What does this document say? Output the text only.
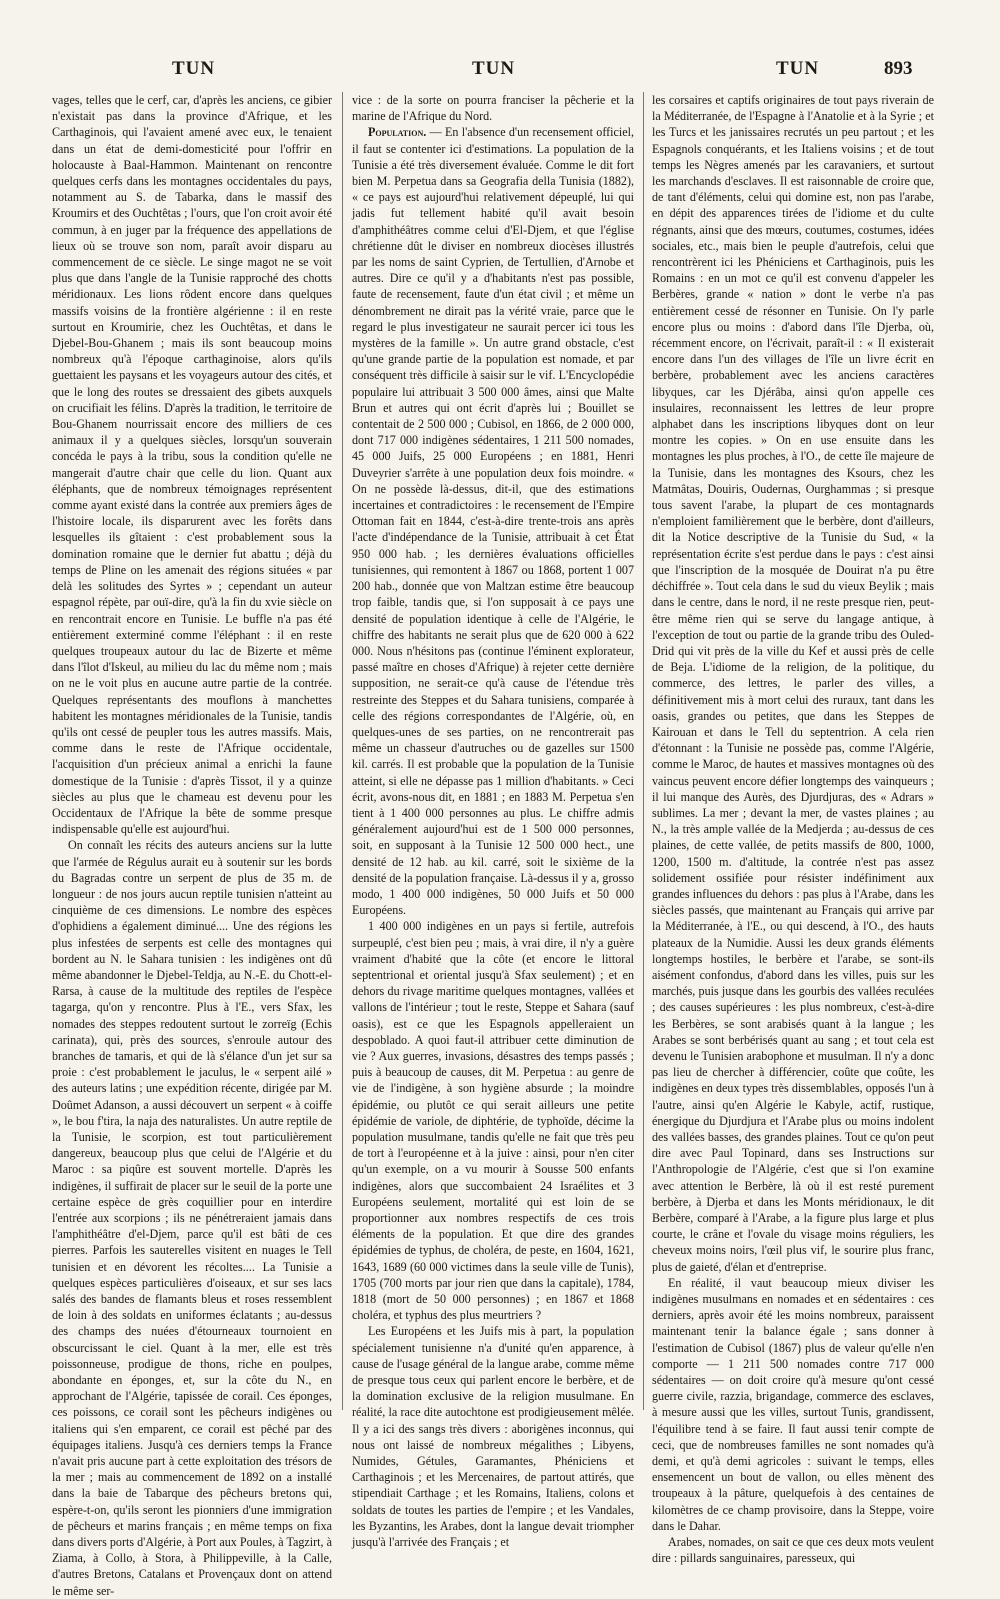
TUN	TUN	TUN	893

vages, telles que le cerf, car, d'après les anciens, ce gibier n'existait pas dans la province d'Afrique, et les Carthaginois, qui l'avaient amené avec eux, le tenaient dans un état de demi-domesticité pour l'offrir en holocauste à Baal-Hammon. Maintenant on rencontre quelques cerfs dans les montagnes occidentales du pays, notamment au S. de Tabarka, dans le massif des Kroumirs et des Ouchtêtas ; l'ours, que l'on croit avoir été commun, à en juger par la fréquence des appellations de lieux où se trouve son nom, paraît avoir disparu au commencement de ce siècle. Le singe magot ne se voit plus que dans l'angle de la Tunisie rapproché des chotts méridionaux. Les lions rôdent encore dans quelques massifs voisins de la frontière algérienne : il en reste surtout en Kroumirie, chez les Ouchtêtas, et dans le Djebel-Bou-Ghanem ; mais ils sont beaucoup moins nombreux qu'à l'époque carthaginoise, alors qu'ils guettaient les paysans et les voyageurs autour des cités, et que le long des routes se dressaient des gibets auxquels on crucifiait les félins. D'après la tradition, le territoire de Bou-Ghanem nourrissait encore des milliers de ces animaux il y a quelques siècles, lorsqu'un souverain concéda le pays à la tribu, sous la condition qu'elle ne mangerait d'autre chair que celle du lion. Quant aux éléphants, que de nombreux témoignages représentent comme ayant existé dans la contrée aux premiers âges de l'histoire locale, ils disparurent avec les forêts dans lesquelles ils gîtaient : c'est probablement sous la domination romaine que le dernier fut abattu ; déjà du temps de Pline on les amenait des régions situées « par delà les solitudes des Syrtes » ; cependant un auteur espagnol répète, par ouï-dire, qu'à la fin du xvie siècle on en rencontrait encore en Tunisie. Le buffle n'a pas été entièrement exterminé comme l'éléphant : il en reste quelques troupeaux autour du lac de Bizerte et même dans l'îlot d'Iskeul, au milieu du lac du même nom ; mais on ne le voit plus en aucune autre partie de la contrée. Quelques représentants des mouflons à manchettes habitent les montagnes méridionales de la Tunisie, tandis qu'ils ont cessé de peupler tous les autres massifs. Mais, comme dans le reste de l'Afrique occidentale, l'acquisition d'un précieux animal a enrichi la faune domestique de la Tunisie : d'après Tissot, il y a quinze siècles au plus que le chameau est devenu pour les Occidentaux de l'Afrique la bête de somme presque indispensable qu'elle est aujourd'hui.

On connaît les récits des auteurs anciens sur la lutte que l'armée de Régulus aurait eu à soutenir sur les bords du Bagradas contre un serpent de plus de 35 m. de longueur : de nos jours aucun reptile tunisien n'atteint au cinquième de ces dimensions. Le nombre des espèces d'ophidiens a également diminué.... Une des régions les plus infestées de serpents est celle des montagnes qui bordent au N. le Sahara tunisien : les indigènes ont dû même abandonner le Djebel-Teldja, au N.-E. du Chott-el-Rarsa, à cause de la multitude des reptiles de l'espèce tagarga, qu'on y rencontre. Plus à l'E., vers Sfax, les nomades des steppes redoutent surtout le zorreïg (Echis carinata), qui, près des sources, s'enroule autour des branches de tamaris, et qui de là s'élance d'un jet sur sa proie : c'est probablement le jaculus, le « serpent ailé » des auteurs latins ; une expédition récente, dirigée par M. Doûmet Adanson, a aussi découvert un serpent « à coiffe », le bou f'tira, la naja des naturalistes. Un autre reptile de la Tunisie, le scorpion, est tout particulièrement dangereux, beaucoup plus que celui de l'Algérie et du Maroc : sa piqûre est souvent mortelle. D'après les indigènes, il suffirait de placer sur le seuil de la porte une certaine espèce de grès coquillier pour en interdire l'entrée aux scorpions ; ils ne pénétreraient jamais dans l'amphithéâtre d'el-Djem, parce qu'il est bâti de ces pierres. Parfois les sauterelles visitent en nuages le Tell tunisien et en dévorent les récoltes.... La Tunisie a quelques espèces particulières d'oiseaux, et sur ses lacs salés des bandes de flamants bleus et roses ressemblent de loin à des soldats en uniformes éclatants ; au-dessus des champs des nuées d'étourneaux tournoient en obscurcissant le ciel. Quant à la mer, elle est très poissonneuse, prodigue de thons, riche en poulpes, abondante en éponges, et, sur la côte du N., en approchant de l'Algérie, tapissée de corail. Ces éponges, ces poissons, ce corail sont les pêcheurs indigènes ou italiens qui s'en emparent, ce corail est pêché par des équipages italiens. Jusqu'à ces derniers temps la France n'avait pris aucune part à cette exploitation des trésors de la mer ; mais au commencement de 1892 on a installé dans la baie de Tabarque des pêcheurs bretons qui, espère-t-on, qu'ils seront les pionniers d'une immigration de pêcheurs et marins français ; en même temps on fixa dans divers ports d'Algérie, à Port aux Poules, à Tagzirt, à Ziama, à Collo, à Stora, à Philippeville, à la Calle, d'autres Bretons, Catalans et Provençaux dont on attend le même ser-

vice : de la sorte on pourra franciser la pêcherie et la marine de l'Afrique du Nord.

Population. — En l'absence d'un recensement officiel, il faut se contenter ici d'estimations. La population de la Tunisie a été très diversement évaluée. Comme le dit fort bien M. Perpetua dans sa Geografia della Tunisia (1882), « ce pays est aujourd'hui relativement dépeuplé, lui qui jadis fut tellement habité qu'il avait besoin d'amphithéâtres comme celui d'El-Djem, et que l'église chrétienne dût le diviser en nombreux diocèses illustrés par les noms de saint Cyprien, de Tertullien, d'Arnobe et autres. Dire ce qu'il y a d'habitants n'est pas possible, faute de recensement, faute d'un état civil ; et même un dénombrement ne dirait pas la vérité vraie, parce que le regard le plus investigateur ne saurait percer ici tous les mystères de la famille ». Un autre grand obstacle, c'est qu'une grande partie de la population est nomade, et par conséquent très difficile à saisir sur le vif. L'Encyclopédie populaire lui attribuait 3 500 000 âmes, ainsi que Malte Brun et autres qui ont écrit d'après lui ; Bouillet se contentait de 2 500 000 ; Cubisol, en 1866, de 2 000 000, dont 717 000 indigènes sédentaires, 1 211 500 nomades, 45 000 Juifs, 25 000 Européens ; en 1881, Henri Duveyrier s'arrête à une population deux fois moindre. « On ne possède là-dessus, dit-il, que des estimations incertaines et contradictoires : le recensement de l'Empire Ottoman fait en 1844, c'est-à-dire trente-trois ans après l'acte d'indépendance de la Tunisie, attribuait à cet État 950 000 hab. ; les dernières évaluations officielles tunisiennes, qui remontent à 1867 ou 1868, portent 1 007 200 hab., donnée que von Maltzan estime être beaucoup trop faible, tandis que, si l'on supposait à ce pays une densité de population identique à celle de l'Algérie, le chiffre des habitants ne serait plus que de 620 000 à 622 000. Nous n'hésitons pas (continue l'éminent explorateur, passé maître en choses d'Afrique) à rejeter cette dernière supposition, ne serait-ce qu'à cause de l'étendue très restreinte des Steppes et du Sahara tunisiens, comparée à celle des régions correspondantes de l'Algérie, où, en quelques-unes de ses parties, on ne rencontrerait pas même un chasseur d'autruches ou de gazelles sur 1500 kil. carrés. Il est probable que la population de la Tunisie atteint, si elle ne dépasse pas 1 million d'habitants. » Ceci écrit, avons-nous dit, en 1881 ; en 1883 M. Perpetua s'en tient à 1 400 000 personnes au plus. Le chiffre admis généralement aujourd'hui est de 1 500 000 personnes, soit, en supposant à la Tunisie 12 500 000 hect., une densité de 12 hab. au kil. carré, soit le sixième de la densité de la population française. Là-dessus il y a, grosso modo, 1 400 000 indigènes, 50 000 Juifs et 50 000 Européens.

1 400 000 indigènes en un pays si fertile, autrefois surpeuplé, c'est bien peu ; mais, à vrai dire, il n'y a guère vraiment d'habité que la côte (et encore le littoral septentrional et oriental jusqu'à Sfax seulement) ; et en dehors du rivage maritime quelques montagnes, vallées et vallons de l'intérieur ; tout le reste, Steppe et Sahara (sauf oasis), est ce que les Espagnols appelleraient un despoblado. A quoi faut-il attribuer cette diminution de vie ? Aux guerres, invasions, désastres des temps passés ; puis à beaucoup de causes, dit M. Perpetua : au genre de vie de l'indigène, à son hygiène absurde ; la moindre épidémie, ou plutôt ce qui serait ailleurs une petite épidémie de variole, de diphtérie, de typhoïde, décime la population musulmane, tandis qu'elle ne fait que très peu de tort à l'européenne et à la juive : ainsi, pour n'en citer qu'un exemple, on a vu mourir à Sousse 500 enfants indigènes, alors que succombaient 24 Israélites et 3 Européens seulement, mortalité qui est loin de se proportionner aux nombres respectifs de ces trois éléments de la population. Et que dire des grandes épidémies de typhus, de choléra, de peste, en 1604, 1621, 1643, 1689 (60 000 victimes dans la seule ville de Tunis), 1705 (700 morts par jour rien que dans la capitale), 1784, 1818 (mort de 50 000 personnes) ; en 1867 et 1868 choléra, et typhus des plus meurtriers ?

Les Européens et les Juifs mis à part, la population spécialement tunisienne n'a d'unité qu'en apparence, à cause de l'usage général de la langue arabe, comme même de presque tous ceux qui parlent encore le berbère, et de la domination exclusive de la religion musulmane. En réalité, la race dite autochtone est prodigieusement mêlée. Il y a ici des sangs très divers : aborigènes inconnus, qui nous ont laissé de nombreux mégalithes ; Libyens, Numides, Gétules, Garamantes, Phéniciens et Carthaginois ; et les Mercenaires, de partout attirés, que stipendiait Carthage ; et les Romains, Italiens, colons et soldats de toutes les parties de l'empire ; et les Vandales, les Byzantins, les Arabes, dont la langue devait triompher jusqu'à l'arrivée des Français ; et

les corsaires et captifs originaires de tout pays riverain de la Méditerranée, de l'Espagne à l'Anatolie et à la Syrie ; et les Turcs et les janissaires recrutés un peu partout ; et les Espagnols conquérants, et les Italiens voisins ; et de tout temps les Nègres amenés par les caravaniers, et surtout les marchands d'esclaves. Il est raisonnable de croire que, de tant d'éléments, celui qui domine est, non pas l'arabe, en dépit des apparences tirées de l'idiome et du culte régnants, ainsi que des mœurs, coutumes, costumes, idées sociales, etc., mais bien le peuple d'autrefois, celui que rencontrèrent ici les Phéniciens et Carthaginois, puis les Romains : en un mot ce qu'il est convenu d'appeler les Berbères, grande « nation » dont le verbe n'a pas entièrement cessé de résonner en Tunisie. On l'y parle encore plus ou moins : d'abord dans l'île Djerba, où, récemment encore, on l'écrivait, paraît-il : « Il existerait encore dans l'un des villages de l'île un livre écrit en berbère, probablement avec les anciens caractères libyques, car les Djérâba, ainsi qu'on appelle ces insulaires, reconnaissent les lettres de leur propre alphabet dans les inscriptions libyques dont on leur montre les copies. » On en use ensuite dans les montagnes les plus proches, à l'O., de cette île majeure de la Tunisie, dans les montagnes des Ksours, chez les Matmâtas, Douiris, Oudernas, Ourghammas ; si presque tous savent l'arabe, la plupart de ces montagnards n'emploient familièrement que le berbère, dont d'ailleurs, dit la Notice descriptive de la Tunisie du Sud, « la représentation écrite s'est perdue dans le pays : c'est ainsi que l'inscription de la mosquée de Douirat n'a pu être déchiffrée ». Tout cela dans le sud du vieux Beylik ; mais dans le centre, dans le nord, il ne reste presque rien, peut-être même rien qui se serve du langage antique, à l'exception de tout ou partie de la grande tribu des Ouled-Drid qui vit près de la ville du Kef et aussi près de celle de Beja. L'idiome de la religion, de la politique, du commerce, des lettres, le parler des villes, a définitivement mis à mort celui des ruraux, tant dans les oasis, grandes ou petites, que dans les Steppes de Kairouan et dans le Tell du septentrion. A cela rien d'étonnant : la Tunisie ne possède pas, comme l'Algérie, comme le Maroc, de hautes et massives montagnes où des vaincus peuvent encore défier longtemps des vainqueurs ; il lui manque des Aurès, des Djurdjuras, des « Adrars » sublimes. La mer ; devant la mer, de vastes plaines ; au N., la très ample vallée de la Medjerda ; au-dessus de ces plaines, de cette vallée, de petits massifs de 800, 1000, 1200, 1500 m. d'altitude, la contrée n'est pas assez solidement ossifiée pour résister indéfiniment aux grandes influences du dehors : pas plus à l'Arabe, dans les siècles passés, que maintenant au Français qui arrive par la Méditerranée, à l'E., ou qui descend, à l'O., des hauts plateaux de la Numidie. Aussi les deux grands éléments longtemps hostiles, le berbère et l'arabe, se sont-ils aisément confondus, d'abord dans les villes, puis sur les marchés, puis jusque dans les gourbis des vallées reculées ; des causes supérieures : les plus nombreux, c'est-à-dire les Berbères, se sont arabisés quant à la langue ; les Arabes se sont berbérisés quant au sang ; et tout cela est devenu le Tunisien arabophone et musulman. Il n'y a donc pas lieu de chercher à différencier, coûte que coûte, les indigènes en deux types très dissemblables, opposés l'un à l'autre, ainsi qu'en Algérie le Kabyle, actif, rustique, énergique du Djurdjura et l'Arabe plus ou moins indolent des vallées basses, des grandes plaines. Tout ce qu'on peut dire avec Paul Topinard, dans ses Instructions sur l'Anthropologie de l'Algérie, c'est que si l'on examine avec attention le Berbère, là où il est resté purement berbère, à Djerba et dans les Monts méridionaux, le dit Berbère, comparé à l'Arabe, a la figure plus large et plus courte, le crâne et l'ovale du visage moins réguliers, les cheveux moins noirs, l'œil plus vif, le sourire plus franc, plus de gaieté, d'élan et d'entreprise.

En réalité, il vaut beaucoup mieux diviser les indigènes musulmans en nomades et en sédentaires : ces derniers, après avoir été les moins nombreux, paraissent maintenant tenir la balance égale ; sans donner à l'estimation de Cubisol (1867) plus de valeur qu'elle n'en comporte — 1 211 500 nomades contre 717 000 sédentaires — on doit croire qu'à mesure qu'ont cessé guerre civile, razzia, brigandage, commerce des esclaves, à mesure aussi que les villes, surtout Tunis, grandissent, l'équilibre tend à se faire. Il faut aussi tenir compte de ceci, que de nombreuses familles ne sont nomades qu'à demi, et qu'à demi agricoles : suivant le temps, elles ensemencent un bout de vallon, ou elles mènent des troupeaux à la pâture, quelquefois à des centaines de kilomètres de ce champ provisoire, dans la Steppe, voire dans le Dahar.

Arabes, nomades, on sait ce que ces deux mots veulent dire : pillards sanguinaires, paresseux, qui
